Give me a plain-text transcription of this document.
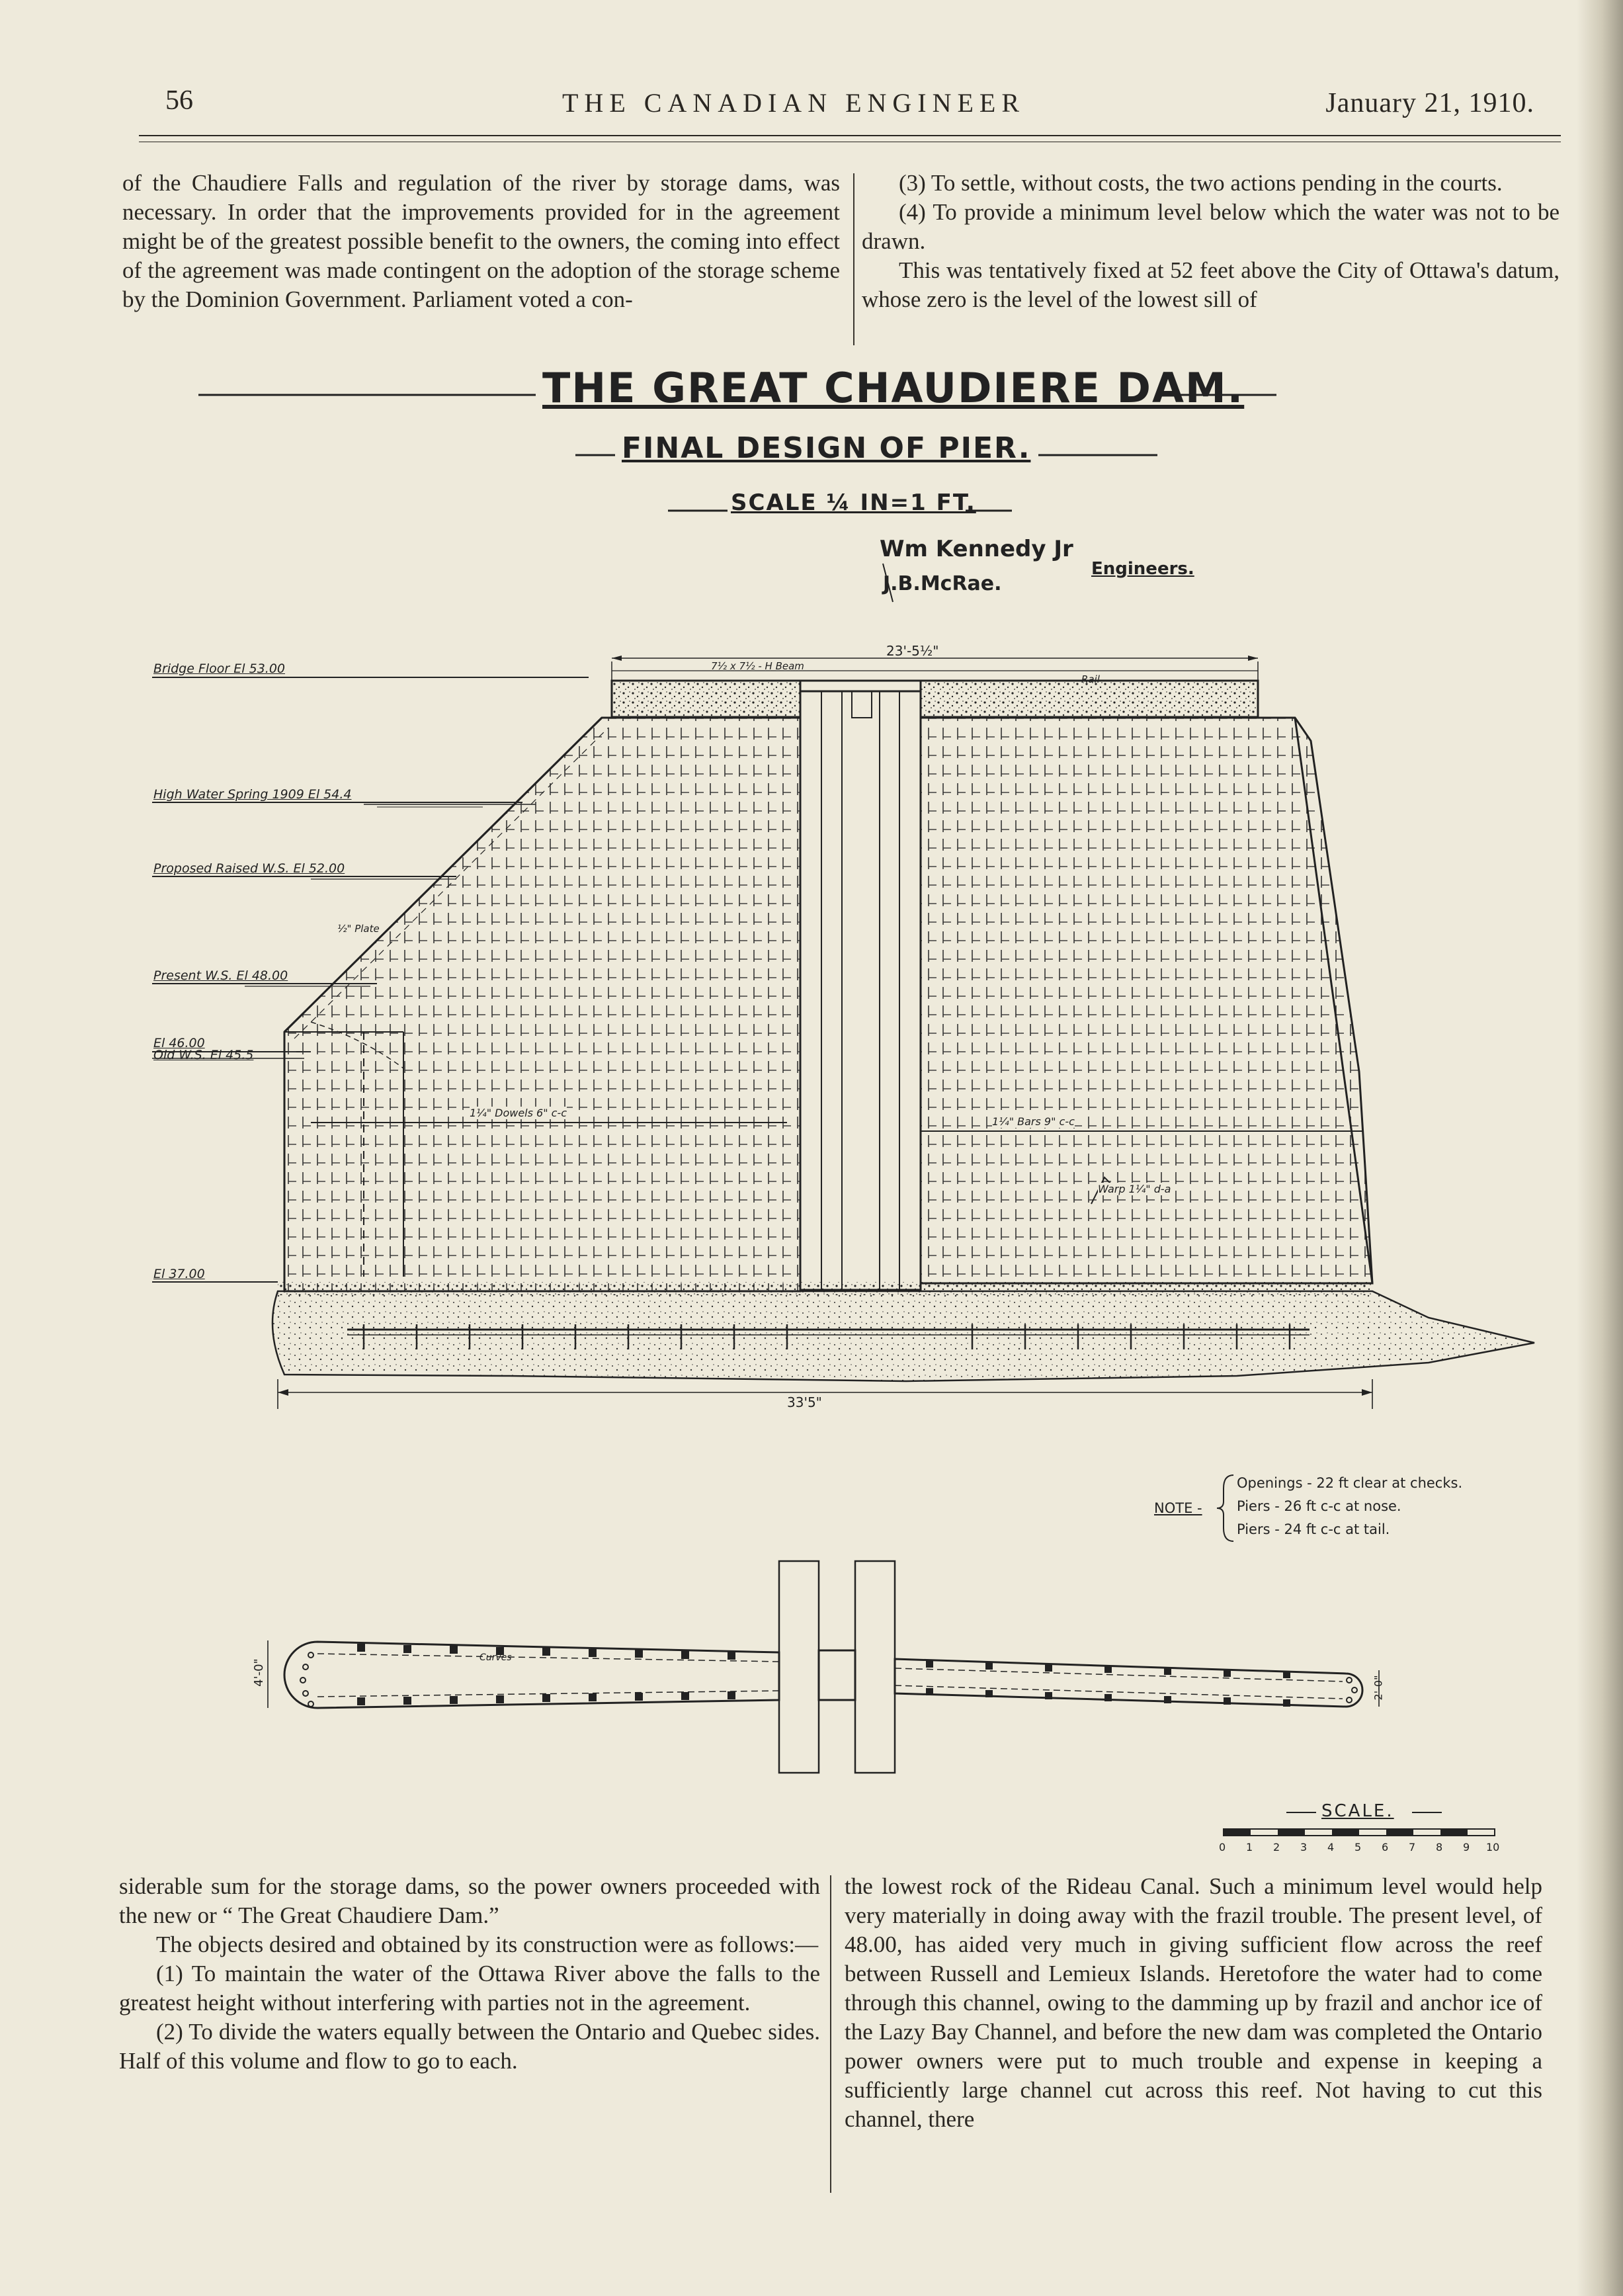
56	THE CANADIAN ENGINEER	January 21, 1910.

of the Chaudiere Falls and regulation of the river by storage dams, was necessary. In order that the improvements provided for in the agreement might be of the greatest possible benefit to the owners, the coming into effect of the agreement was made contingent on the adoption of the storage scheme by the Dominion Government. Parliament voted a con-

(3) To settle, without costs, the two actions pending in the courts.

(4) To provide a minimum level below which the water was not to be drawn.

This was tentatively fixed at 52 feet above the City of Ottawa's datum, whose zero is the level of the lowest sill of

THE GREAT CHAUDIERE DAM.
FINAL DESIGN OF PIER.
SCALE ¼ IN=1 FT.
Wm Kennedy Jr
J.B.McRae.
Engineers.
Bridge Floor El 53.00
High Water Spring 1909 El 54.4
Proposed Raised W.S. El 52.00
Present W.S. El 48.00
El 46.00
Old W.S. El 45.5
El 37.00
23'-5½"
7½ x 7½ - H Beam
Rail
½" Plate
1¼" Dowels 6" c-c
1¼" Bars 9" c-c
Warp 1¼" d-a
33'5"
NOTE -
Openings - 22 ft clear at checks.
Piers - 26 ft c-c at nose.
Piers - 24 ft c-c at tail.
4'-0"
2'-0"
Curves
SCALE.
0 1 2 3 4 5 6 7 8 9 10

siderable sum for the storage dams, so the power owners proceeded with the new or “ The Great Chaudiere Dam.”

The objects desired and obtained by its construction were as follows:—

(1) To maintain the water of the Ottawa River above the falls to the greatest height without interfering with parties not in the agreement.

(2) To divide the waters equally between the Ontario and Quebec sides. Half of this volume and flow to go to each.

the lowest rock of the Rideau Canal. Such a minimum level would help very materially in doing away with the frazil trouble. The present level, of 48.00, has aided very much in giving sufficient flow across the reef between Russell and Lemieux Islands. Heretofore the water had to come through this channel, owing to the damming up by frazil and anchor ice of the Lazy Bay Channel, and before the new dam was completed the Ontario power owners were put to much trouble and expense in keeping a sufficiently large channel cut across this reef. Not having to cut this channel, there
